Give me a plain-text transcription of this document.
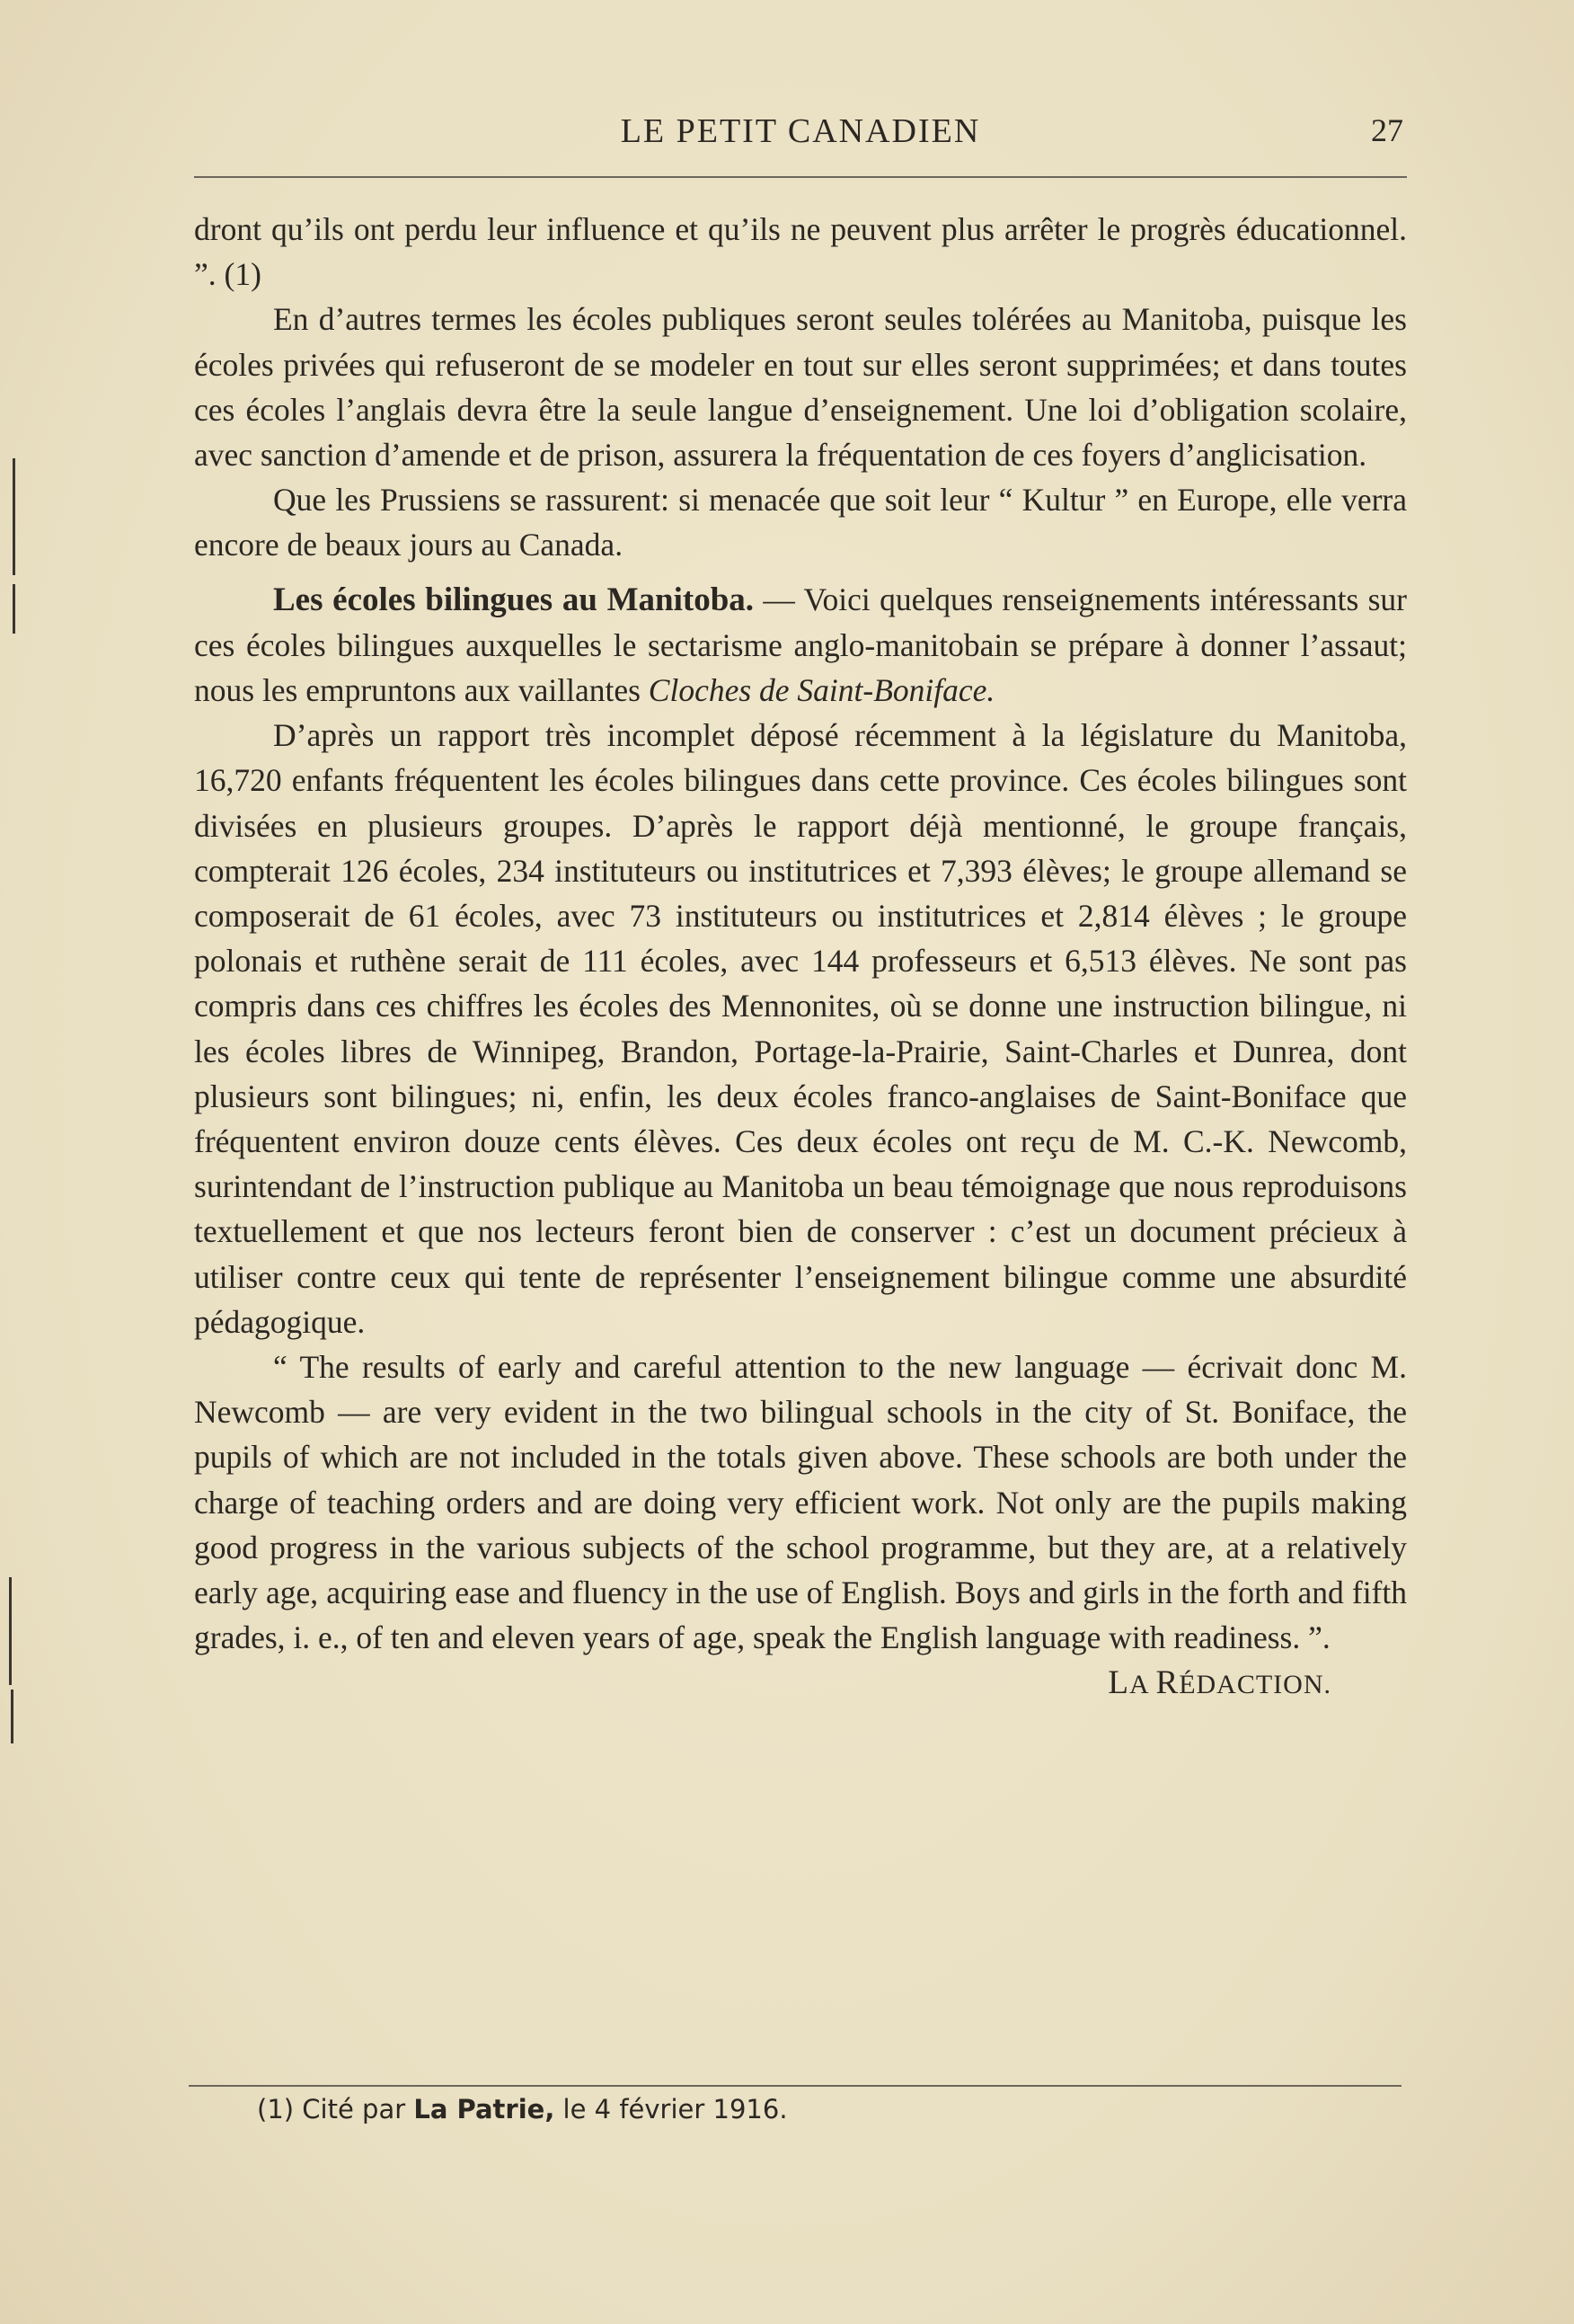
LE PETIT CANADIEN	27

dront qu’ils ont perdu leur influence et qu’ils ne peuvent plus arrêter le progrès éducationnel. ”. (1)

En d’autres termes les écoles publiques seront seules tolérées au Manitoba, puisque les écoles privées qui refuseront de se modeler en tout sur elles seront supprimées; et dans toutes ces écoles l’anglais devra être la seule langue d’enseignement. Une loi d’obligation scolaire, avec sanction d’amende et de prison, assurera la fréquentation de ces foyers d’anglicisation.

Que les Prussiens se rassurent: si menacée que soit leur “ Kultur ” en Europe, elle verra encore de beaux jours au Canada.

Les écoles bilingues au Manitoba. — Voici quelques renseignements intéressants sur ces écoles bilingues auxquelles le sectarisme anglo-manitobain se prépare à donner l’assaut; nous les empruntons aux vaillantes Cloches de Saint-Boniface.

D’après un rapport très incomplet déposé récemment à la législature du Manitoba, 16,720 enfants fréquentent les écoles bilingues dans cette province. Ces écoles bilingues sont divisées en plusieurs groupes. D’après le rapport déjà mentionné, le groupe français, compterait 126 écoles, 234 instituteurs ou institutrices et 7,393 élèves; le groupe allemand se composerait de 61 écoles, avec 73 instituteurs ou institutrices et 2,814 élèves ; le groupe polonais et ruthène serait de 111 écoles, avec 144 professeurs et 6,513 élèves. Ne sont pas compris dans ces chiffres les écoles des Mennonites, où se donne une instruction bilingue, ni les écoles libres de Winnipeg, Brandon, Portage-la-Prairie, Saint-Charles et Dunrea, dont plusieurs sont bilingues; ni, enfin, les deux écoles franco-anglaises de Saint-Boniface que fréquentent environ douze cents élèves. Ces deux écoles ont reçu de M. C.-K. Newcomb, surintendant de l’instruction publique au Manitoba un beau témoignage que nous reproduisons textuellement et que nos lecteurs feront bien de conserver : c’est un document précieux à utiliser contre ceux qui tente de représenter l’enseignement bilingue comme une absurdité pédagogique.

“ The results of early and careful attention to the new language — écrivait donc M. Newcomb — are very evident in the two bilingual schools in the city of St. Boniface, the pupils of which are not included in the totals given above. These schools are both under the charge of teaching orders and are doing very efficient work. Not only are the pupils making good progress in the various subjects of the school programme, but they are, at a relatively early age, acquiring ease and fluency in the use of English. Boys and girls in the forth and fifth grades, i. e., of ten and eleven years of age, speak the English language with readiness. ”.

LA RÉDACTION.

(1) Cité par La Patrie, le 4 février 1916.
